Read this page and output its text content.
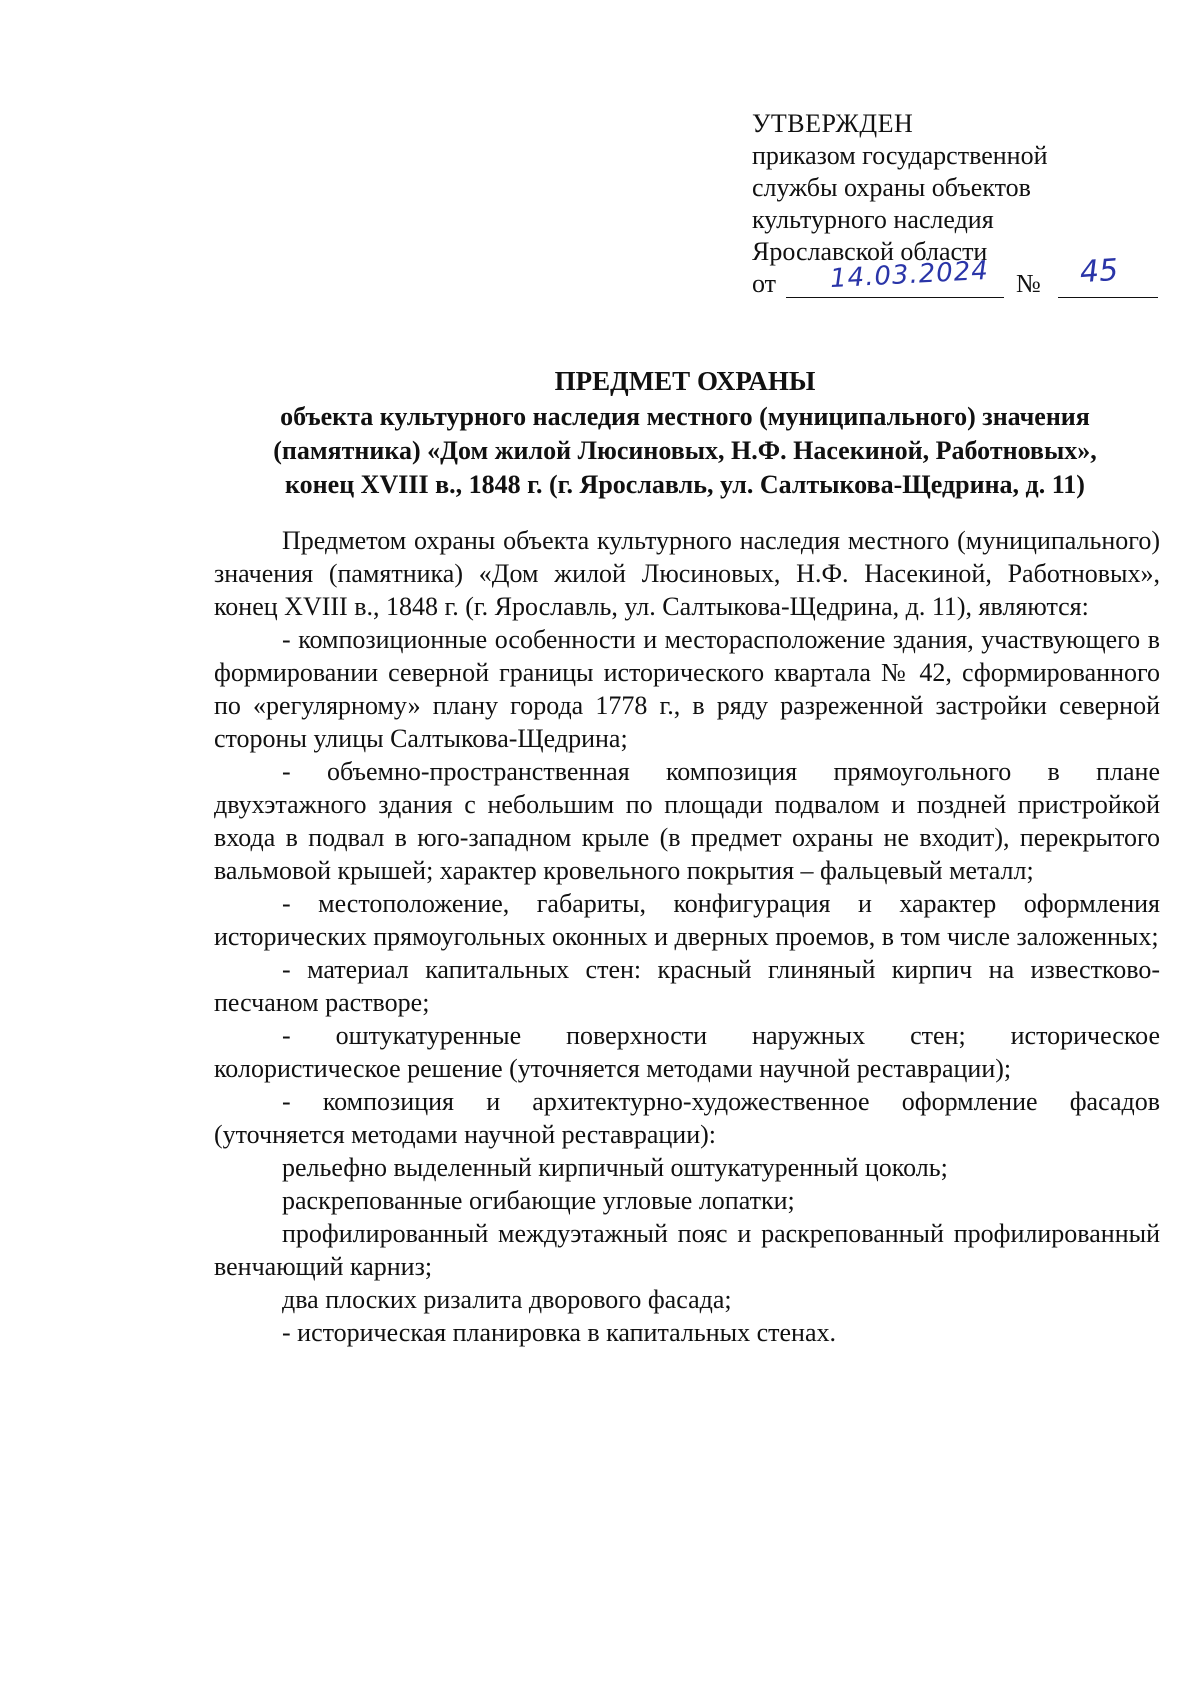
УТВЕРЖДЕН
приказом государственной
службы охраны объектов
культурного наследия
Ярославской области
от 14.03.2024 № 45
ПРЕДМЕТ ОХРАНЫ
объекта культурного наследия местного (муниципального) значения
(памятника) «Дом жилой Люсиновых, Н.Ф. Насекиной, Работновых»,
конец XVIII в., 1848 г. (г. Ярославль, ул. Салтыкова-Щедрина, д. 11)

Предметом охраны объекта культурного наследия местного (муниципального) значения (памятника) «Дом жилой Люсиновых, Н.Ф. Насекиной, Работновых», конец XVIII в., 1848 г. (г. Ярославль, ул. Салтыкова-Щедрина, д. 11), являются:

- композиционные особенности и месторасположение здания, участвующего в формировании северной границы исторического квартала № 42, сформированного по «регулярному» плану города 1778 г., в ряду разреженной застройки северной стороны улицы Салтыкова-Щедрина;

- объемно-пространственная композиция прямоугольного в плане двухэтажного здания с небольшим по площади подвалом и поздней пристройкой входа в подвал в юго-западном крыле (в предмет охраны не входит), перекрытого вальмовой крышей; характер кровельного покрытия – фальцевый металл;

- местоположение, габариты, конфигурация и характер оформления исторических прямоугольных оконных и дверных проемов, в том числе заложенных;

- материал капитальных стен: красный глиняный кирпич на известково-песчаном растворе;

- оштукатуренные поверхности наружных стен; историческое колористическое решение (уточняется методами научной реставрации);

- композиция и архитектурно-художественное оформление фасадов (уточняется методами научной реставрации):

рельефно выделенный кирпичный оштукатуренный цоколь;

раскрепованные огибающие угловые лопатки;

профилированный междуэтажный пояс и раскрепованный профилированный венчающий карниз;

два плоских ризалита дворового фасада;

- историческая планировка в капитальных стенах.
